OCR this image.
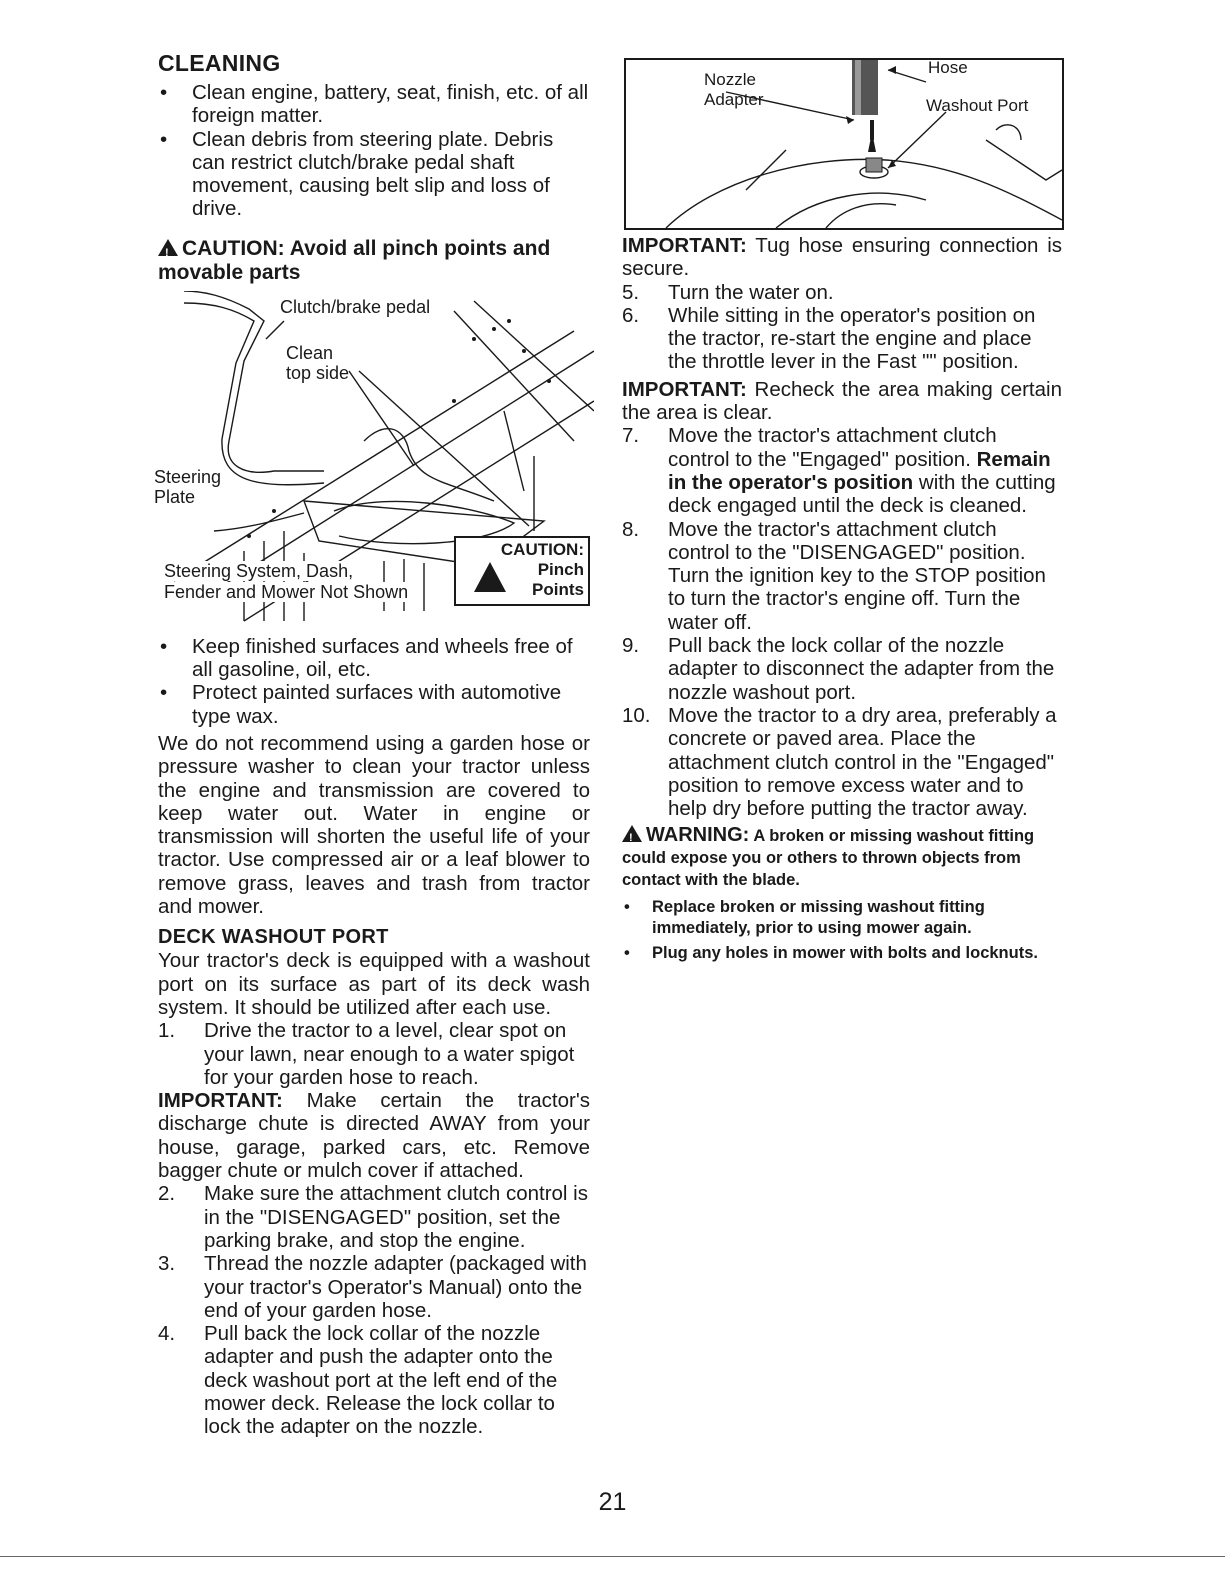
CLEANING

• Clean engine, battery, seat, finish, etc. of all foreign matter.

• Clean debris from steering plate. Debris can restrict clutch/brake pedal shaft movement, causing belt slip and loss of drive.

!CAUTION: Avoid all pinch points and movable parts
Clutch/brake pedal
Clean
top side
Steering
Plate
Steering System, Dash,
Fender and Mower Not Shown
CAUTION:
Pinch
Points

• Keep finished surfaces and wheels free of all gasoline, oil, etc.

• Protect painted surfaces with automotive type wax.

We do not recommend using a garden hose or pressure washer to clean your tractor unless the engine and transmission are covered to keep water out. Water in engine or transmission will shorten the useful life of your tractor. Use compressed air or a leaf blower to remove grass, leaves and trash from tractor and mower.

DECK WASHOUT PORT

Your tractor's deck is equipped with a washout port on its surface as part of its deck wash system. It should be utilized after each use.

1. Drive the tractor to a level, clear spot on your lawn, near enough to a water spigot for your garden hose to reach.

IMPORTANT: Make certain the tractor's discharge chute is directed AWAY from your house, garage, parked cars, etc. Remove bagger chute or mulch cover if attached.

2. Make sure the attachment clutch control is in the "DISENGAGED" position, set the parking brake, and stop the engine.

3. Thread the nozzle adapter (packaged with your tractor's Operator's Manual) onto the end of your garden hose.

4. Pull back the lock collar of the nozzle adapter and push the adapter onto the deck washout port at the left end of the mower deck. Release the lock collar to lock the adapter on the nozzle.

Nozzle
Adapter
Hose
Washout Port

IMPORTANT: Tug hose ensuring connection is secure.

5. Turn the water on.

6. While sitting in the operator's position on the tractor, re-start the engine and place the throttle lever in the Fast "" position.

IMPORTANT: Recheck the area making certain the area is clear.

7. Move the tractor's attachment clutch control to the "Engaged" position. Remain in the operator's position with the cutting deck engaged until the deck is cleaned.

8. Move the tractor's attachment clutch control to the "DISENGAGED" position. Turn the ignition key to the STOP position to turn the tractor's engine off. Turn the water off.

9. Pull back the lock collar of the nozzle adapter to disconnect the adapter from the nozzle washout port.

10. Move the tractor to a dry area, preferably a concrete or paved area. Place the attachment clutch control in the "Engaged" position to remove excess water and to help dry before putting the tractor away.

!WARNING: A broken or missing washout fitting could expose you or others to thrown objects from contact with the blade.

• Replace broken or missing washout fitting immediately, prior to using mower again.

• Plug any holes in mower with bolts and locknuts.

21
